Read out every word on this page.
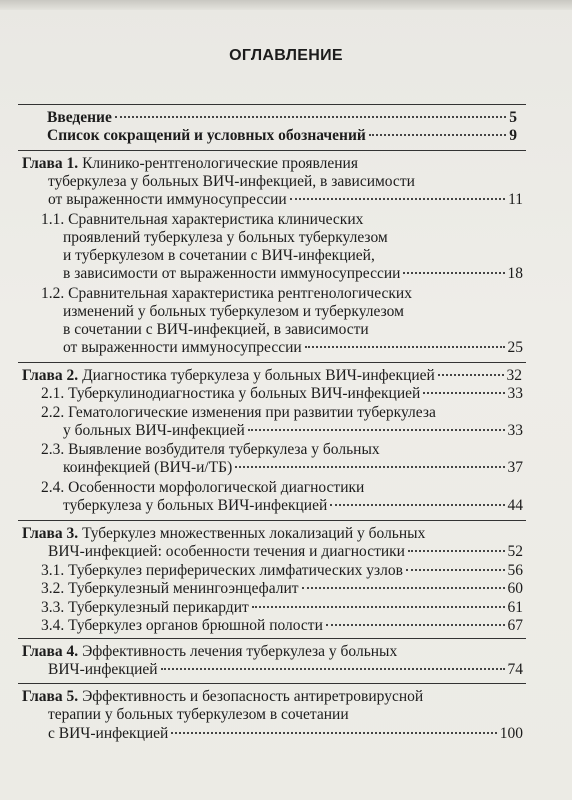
ОГЛАВЛЕНИЕ
Введение	5
Список сокращений и условных обозначений	9
Глава 1. Клинико-рентгенологические проявления
туберкулеза у больных ВИЧ-инфекцией, в зависимости
от выраженности иммуносупрессии	11
1.1. Сравнительная характеристика клинических
проявлений туберкулеза у больных туберкулезом
и туберкулезом в сочетании с ВИЧ-инфекцией,
в зависимости от выраженности иммуносупрессии	18
1.2. Сравнительная характеристика рентгенологических
изменений у больных туберкулезом и туберкулезом
в сочетании с ВИЧ-инфекцией, в зависимости
от выраженности иммуносупрессии	25
Глава 2. Диагностика туберкулеза у больных ВИЧ-инфекцией	32
2.1. Туберкулинодиагностика у больных ВИЧ-инфекцией	33
2.2. Гематологические изменения при развитии туберкулеза
у больных ВИЧ-инфекцией	33
2.3. Выявление возбудителя туберкулеза у больных
коинфекцией (ВИЧ-и/ТБ)	37
2.4. Особенности морфологической диагностики
туберкулеза у больных ВИЧ-инфекцией	44
Глава 3. Туберкулез множественных локализаций у больных
ВИЧ-инфекцией: особенности течения и диагностики	52
3.1. Туберкулез периферических лимфатических узлов	56
3.2. Туберкулезный менингоэнцефалит	60
3.3. Туберкулезный перикардит	61
3.4. Туберкулез органов брюшной полости	67
Глава 4. Эффективность лечения туберкулеза у больных
ВИЧ-инфекцией	74
Глава 5. Эффективность и безопасность антиретровирусной
терапии у больных туберкулезом в сочетании
с ВИЧ-инфекцией	100
